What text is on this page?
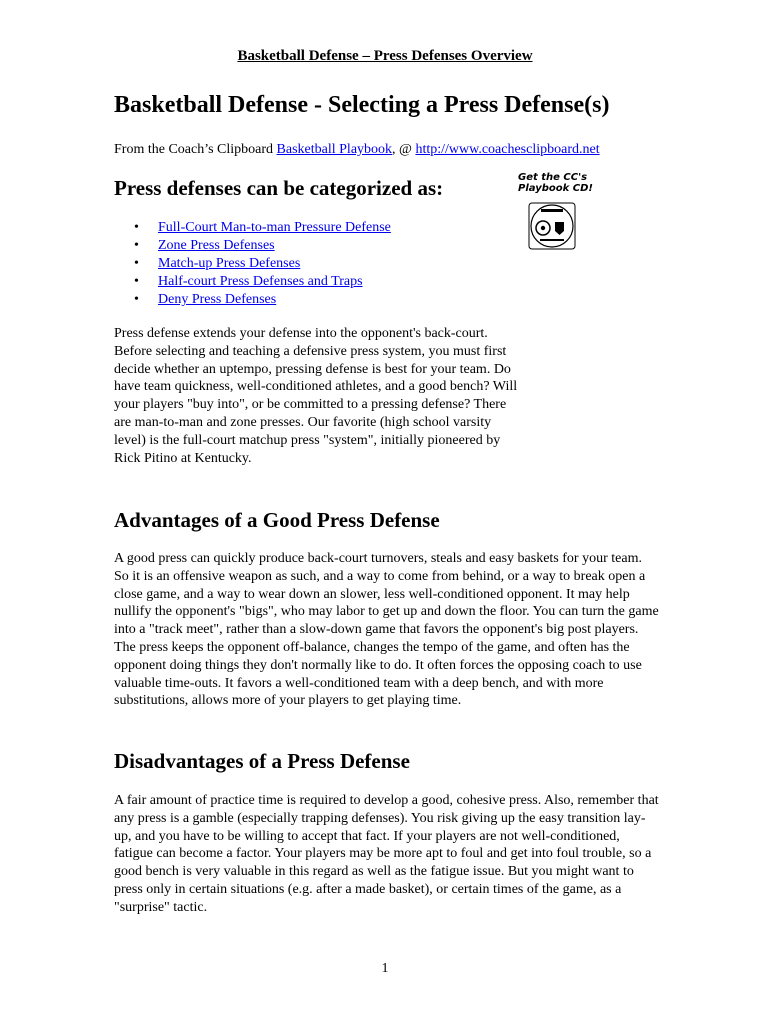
Basketball Defense – Press Defenses Overview
Basketball Defense - Selecting a Press Defense(s)
From the Coach’s Clipboard Basketball Playbook, @ http://www.coachesclipboard.net
Press defenses can be categorized as:	Get the CC's
Playbook CD!
• Full-Court Man-to-man Pressure Defense
• Zone Press Defenses
• Match-up Press Defenses
• Half-court Press Defenses and Traps
• Deny Press Defenses

Press defense extends your defense into the opponent's back-court. Before selecting and teaching a defensive press system, you must first decide whether an uptempo, pressing defense is best for your team. Do have team quickness, well-conditioned athletes, and a good bench? Will your players "buy into", or be committed to a pressing defense? There are man-to-man and zone presses. Our favorite (high school varsity level) is the full-court matchup press "system", initially pioneered by Rick Pitino at Kentucky.

Advantages of a Good Press Defense

A good press can quickly produce back-court turnovers, steals and easy baskets for your team. So it is an offensive weapon as such, and a way to come from behind, or a way to break open a close game, and a way to wear down an slower, less well-conditioned opponent. It may help nullify the opponent's "bigs", who may labor to get up and down the floor. You can turn the game into a "track meet", rather than a slow-down game that favors the opponent's big post players. The press keeps the opponent off-balance, changes the tempo of the game, and often has the opponent doing things they don't normally like to do. It often forces the opposing coach to use valuable time-outs. It favors a well-conditioned team with a deep bench, and with more substitutions, allows more of your players to get playing time.

Disadvantages of a Press Defense

A fair amount of practice time is required to develop a good, cohesive press. Also, remember that any press is a gamble (especially trapping defenses). You risk giving up the easy transition lay-up, and you have to be willing to accept that fact. If your players are not well-conditioned, fatigue can become a factor. Your players may be more apt to foul and get into foul trouble, so a good bench is very valuable in this regard as well as the fatigue issue. But you might want to press only in certain situations (e.g. after a made basket), or certain times of the game, as a "surprise" tactic.

1
